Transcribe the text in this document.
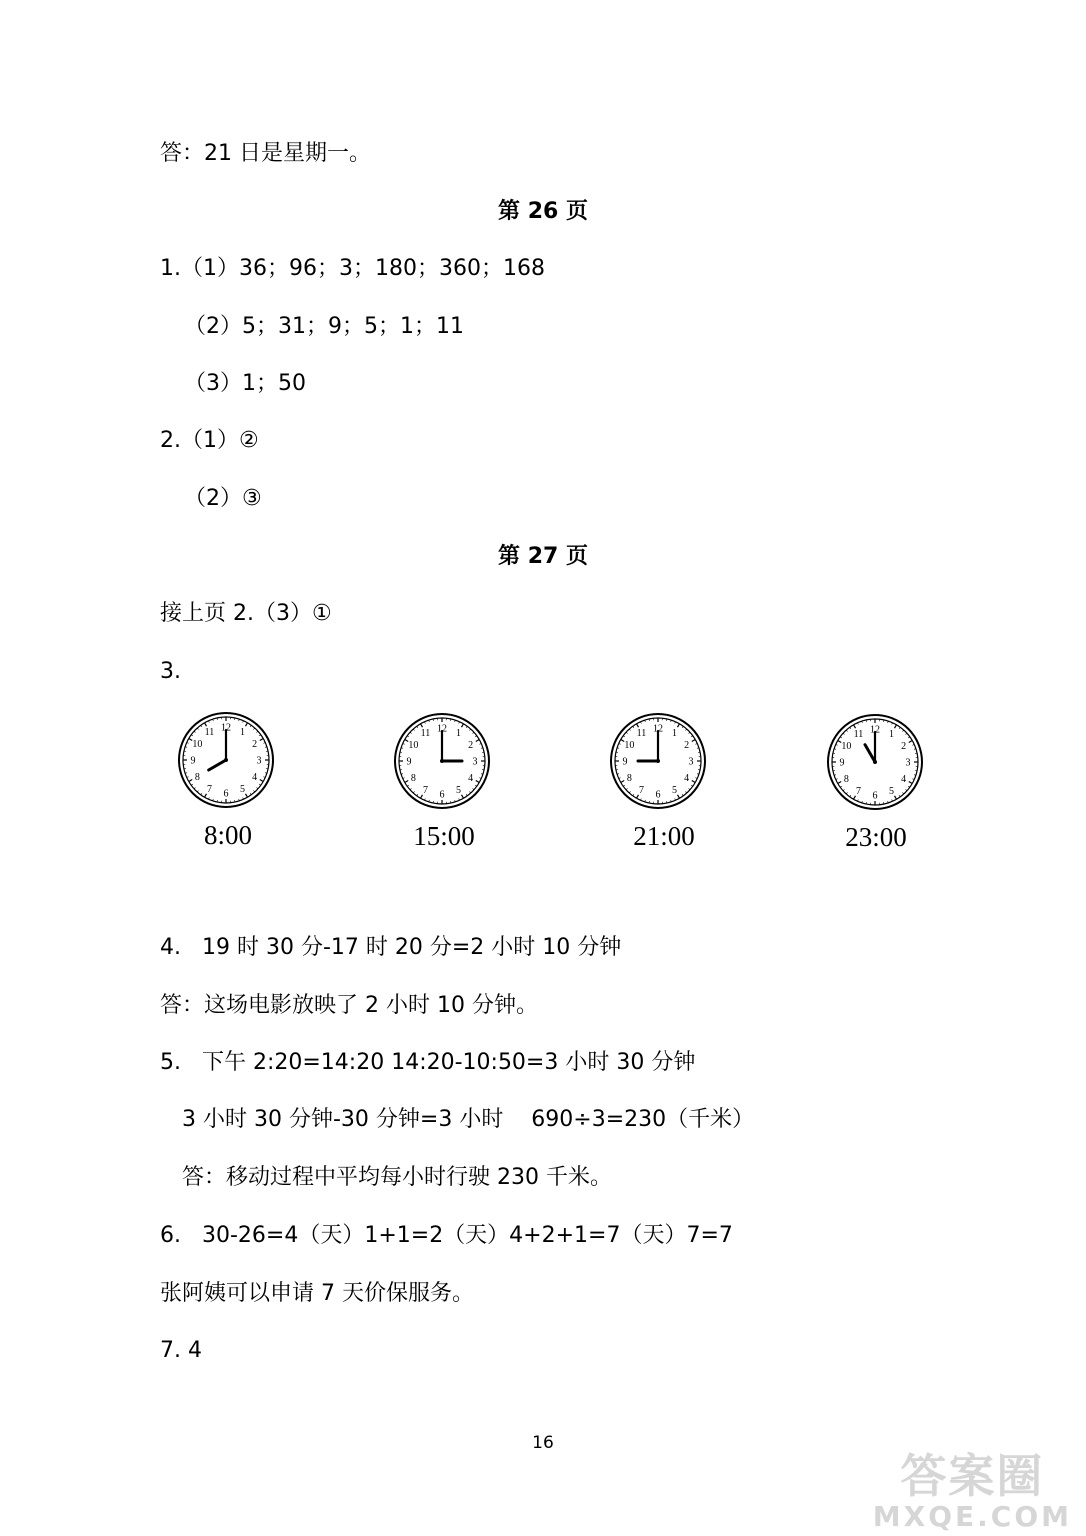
答：21 日是星期一。
第 26 页
1.（1）36；96；3；180；360；168
（2）5；31；9；5；1；11
（3）1；50
2.（1）②
（2）③
第 27 页
接上页 2.（3）①
3.
1
2
3
4
5
6
7
8
9
10
11 12	1
2
3
4
5
6
7
8
9
10
11 12	1
2
3
4
5
6
7
8
9
10
11 12	1
2
3
4
5
6
7
8
9
10
11 12
8:00	15:00	21:00	23:00
4.   19 时 30 分-17 时 20 分=2 小时 10 分钟
答：这场电影放映了 2 小时 10 分钟。
5.   下午 2:20=14:20 14:20-10:50=3 小时 30 分钟
3 小时 30 分钟-30 分钟=3 小时    690÷3=230（千米）
答：移动过程中平均每小时行驶 230 千米。
6.   30-26=4（天）1+1=2（天）4+2+1=7（天）7=7
张阿姨可以申请 7 天价保服务。
7. 4
16
答案圈
MXQE.COM
